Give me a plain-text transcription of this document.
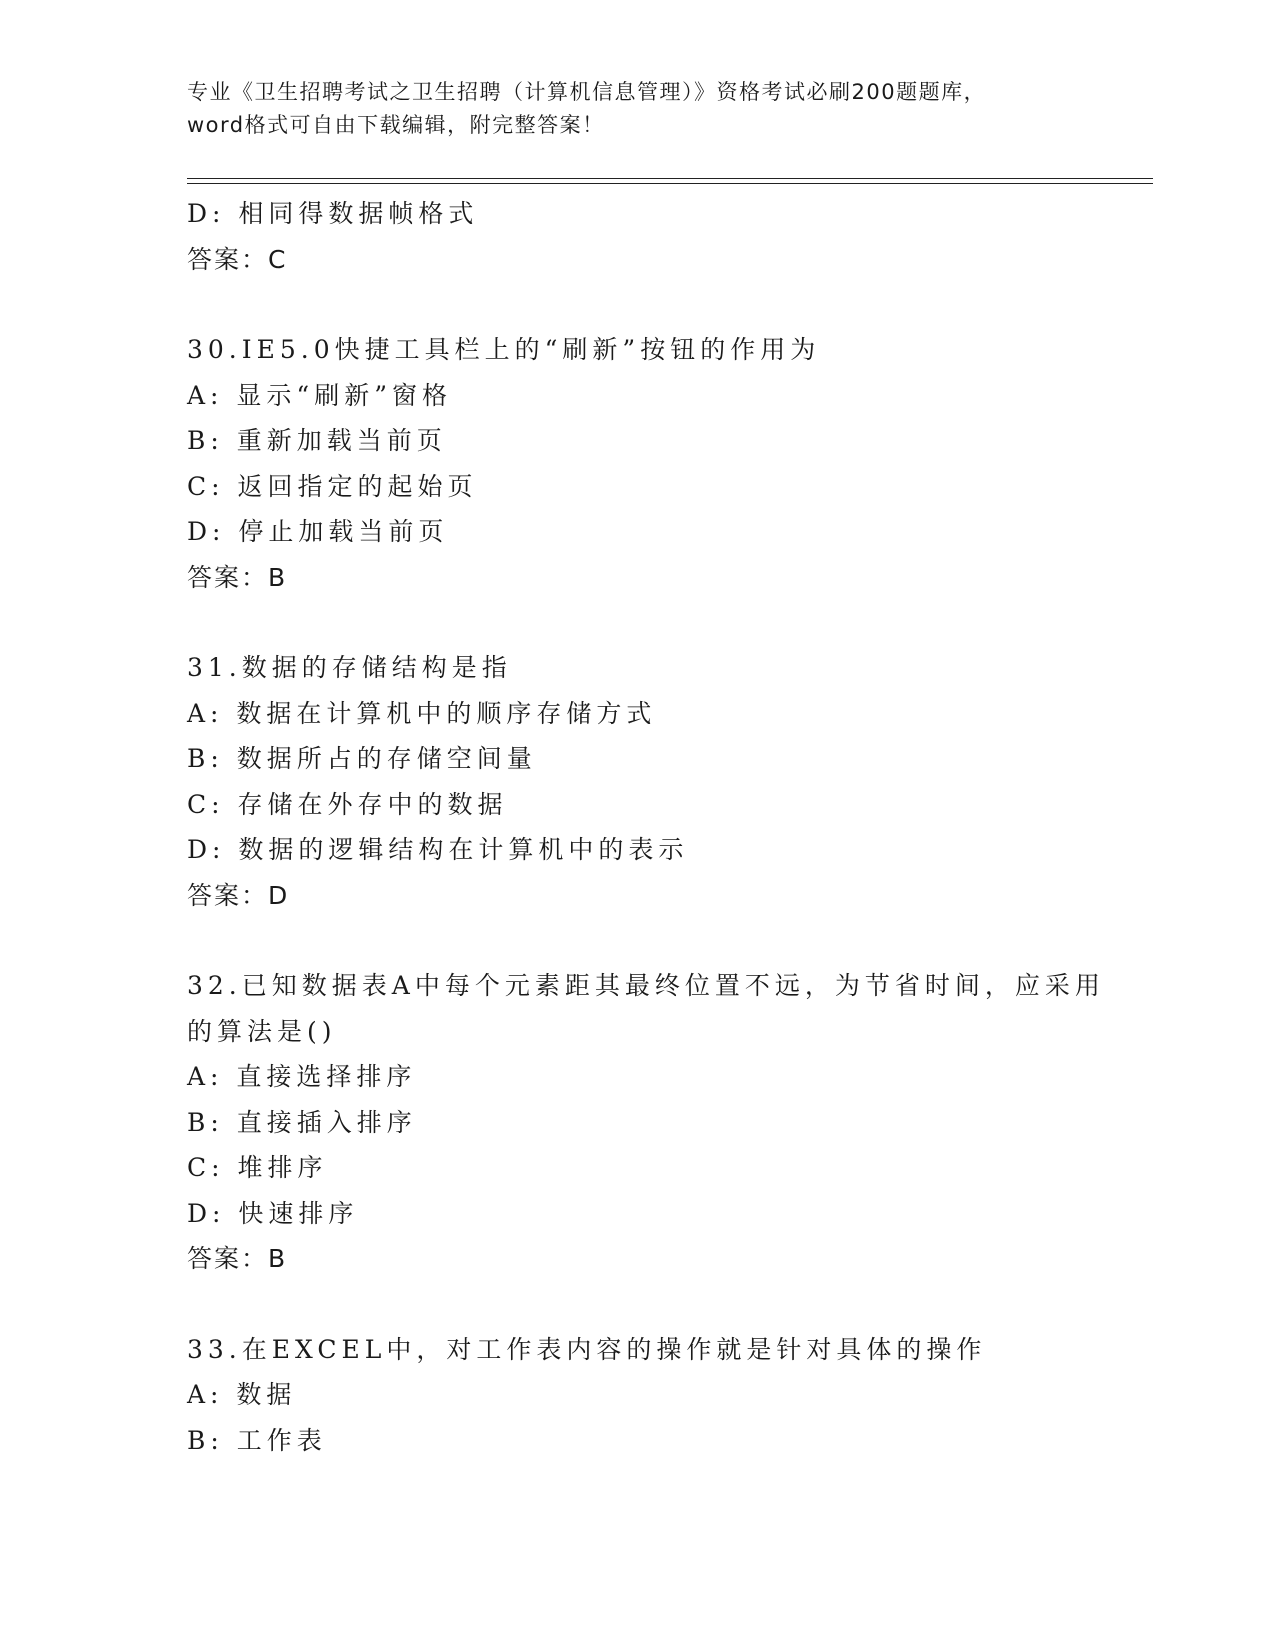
专业《卫生招聘考试之卫生招聘（计算机信息管理）》资格考试必刷200题题库，
word格式可自由下载编辑，附完整答案！
D: 相同得数据帧格式
答案：C
30.IE5.0快捷工具栏上的“刷新”按钮的作用为
A: 显示“刷新”窗格
B: 重新加载当前页
C: 返回指定的起始页
D: 停止加载当前页
答案：B
31.数据的存储结构是指
A: 数据在计算机中的顺序存储方式
B: 数据所占的存储空间量
C: 存储在外存中的数据
D: 数据的逻辑结构在计算机中的表示
答案：D
32.已知数据表A中每个元素距其最终位置不远，为节省时间，应采用
的算法是()
A: 直接选择排序
B: 直接插入排序
C: 堆排序
D: 快速排序
答案：B
33.在EXCEL中，对工作表内容的操作就是针对具体的操作
A: 数据
B: 工作表
